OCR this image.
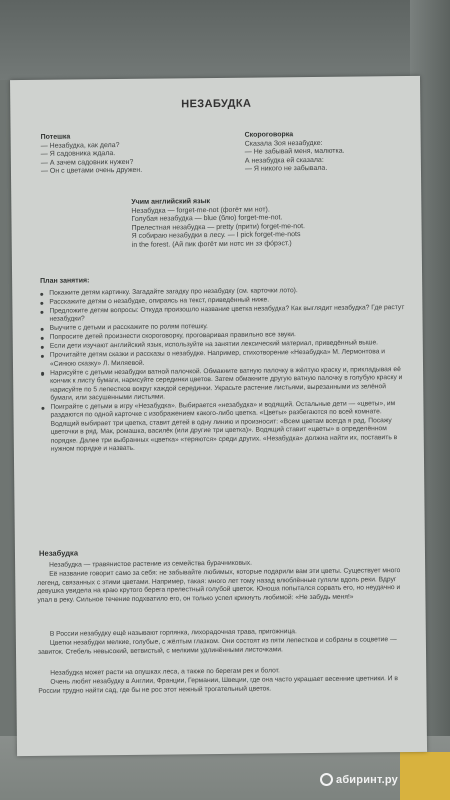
НЕЗАБУДКА
Потешка
— Незабудка, как дела?
— Я садовника ждала.
— А зачем садовник нужен?
— Он с цветами очень дружен.
Скороговорка
Сказала Зоя незабудке:
— Не забывай меня, малютка.
А незабудка ей сказала:
— Я никого не забывала.
Учим английский язык
Незабудка — forget-me-not (фогёт ми нот).
Голубая незабудка — blue (блю) forget-me-not.
Прелестная незабудка — pretty (прити) forget-me-not.
Я собираю незабудки в лесу. — I pick forget-me-nots
in the forest. (Ай пик фогёт ми нотс ин зэ фо́рэст.)
План занятия:
Покажите детям картинку. Загадайте загадку про незабудку (см. карточки лото).
Расскажите детям о незабудке, опираясь на текст, приведённый ниже.
Предложите детям вопросы: Откуда произошло название цветка незабудка? Как выглядит незабудка? Где растут незабудки?
Выучите с детьми и расскажите по ролям потешку.
Попросите детей произнести скороговорку, проговаривая правильно все звуки.
Если дети изучают английский язык, используйте на занятии лексический материал, приведённый выше.
Прочитайте детям сказки и рассказы о незабудке. Например, стихотворение «Незабудка» М. Лермонтова и «Синюю сказку» Л. Миляевой.
Нарисуйте с детьми незабудки ватной палочкой. Обмакните ватную палочку в жёлтую краску и, прикладывая её кончик к листу бумаги, нарисуйте серединки цветов. Затем обмакните другую ватную палочку в голубую краску и нарисуйте по 5 лепестков вокруг каждой серединки. Украсьте растение листьями, вырезанными из зелёной бумаги, или засушенными листьями.
Поиграйте с детьми в игру «Незабудка». Выбирается «незабудка» и водящий. Остальные дети — «цветы», им раздаются по одной карточке с изображением какого-либо цветка. «Цветы» разбегаются по всей комнате. Водящий выбирает три цветка, ставит детей в одну линию и произносит: «Всем цветам всегда я рад. Посажу цветочки в ряд. Мак, ромашка, василёк (или другие три цветка)». Водящий ставит «цветы» в определённом порядке. Далее три выбранных «цветка» «теряются» среди других. «Незабудка» должна найти их, поставить в нужном порядке и назвать.
Незабудка
Незабудка — травянистое растение из семейства бурачниковых.
Её название говорит само за себя: не забывайте любимых, которые подарили вам эти цветы. Существует много легенд, связанных с этими цветами. Например, такая: много лет тому назад влюблённые гуляли вдоль реки. Вдруг девушка увидела на краю крутого берега прелестный голубой цветок. Юноша попытался сорвать его, но неудачно и упал в реку. Сильное течение подхватило его, он только успел крикнуть любимой: «Не забудь меня!»
В России незабудку ещё называют горлянка, лихорадочная трава, пригожница.
Цветки незабудки мелкие, голубые, с жёлтым глазком. Они состоят из пяти лепестков и собраны в соцветие — завиток. Стебель невысокий, ветвистый, с мелкими удлинёнными листочками.
Незабудка может расти на опушках леса, а также по берегам рек и болот.
Очень любят незабудку в Англии, Франции, Германии, Швеции, где она часто украшает весенние цветники. И в России трудно найти сад, где бы не рос этот нежный трогательный цветок.
абиринт.ру
